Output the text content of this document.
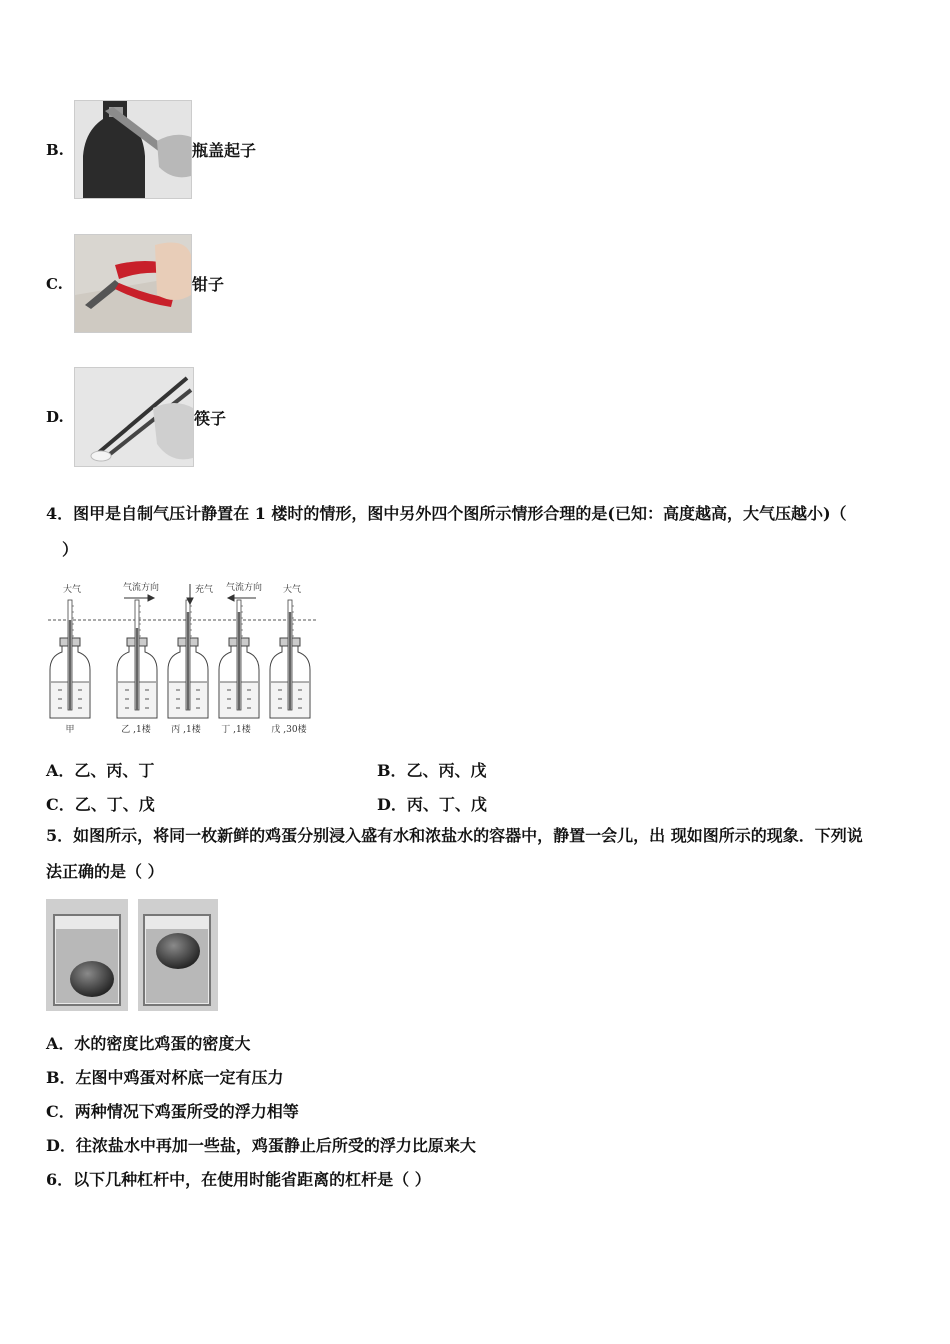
B.	瓶盖起子
C.	钳子
D.	筷子
4．图甲是自制气压计静置在 1 楼时的情形，图中另外四个图所示情形合理的是(已知：高度越高，大气压越小)（
）
大气	气流方向	充气 气流方向 大气
甲	乙 ,1楼 丙 ,1楼 丁 ,1楼 戊 ,30楼
A．乙、丙、丁	B．乙、丙、戊
C．乙、丁、戊	D．丙、丁、戊
5．如图所示，将同一枚新鲜的鸡蛋分别浸入盛有水和浓盐水的容器中，静置一会儿，出 现如图所示的现象．下列说
法正确的是（ ）
A．水的密度比鸡蛋的密度大
B．左图中鸡蛋对杯底一定有压力
C．两种情况下鸡蛋所受的浮力相等
D．往浓盐水中再加一些盐，鸡蛋静止后所受的浮力比原来大
6．以下几种杠杆中，在使用时能省距离的杠杆是（ ）
